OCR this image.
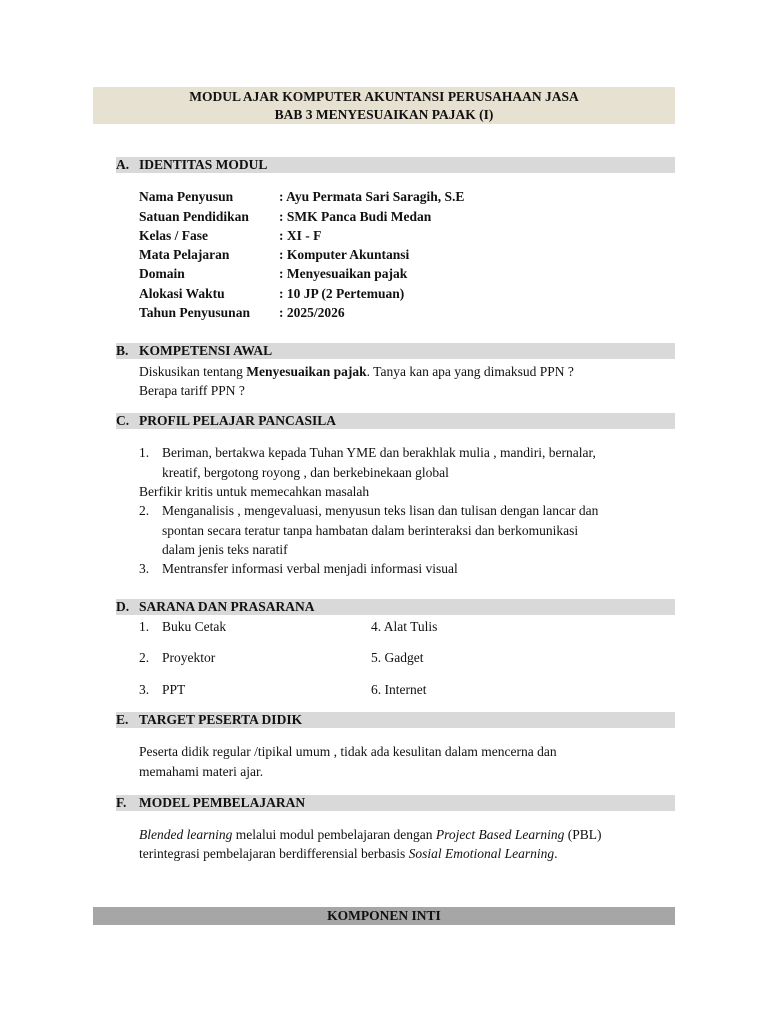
MODUL AJAR KOMPUTER AKUNTANSI PERUSAHAAN JASA
BAB 3 MENYESUAIKAN PAJAK (I)
A. IDENTITAS MODUL
Nama Penyusun	: Ayu Permata Sari Saragih, S.E
Satuan Pendidikan : SMK Panca Budi Medan
Kelas / Fase	: XI - F
Mata Pelajaran	: Komputer Akuntansi
Domain	: Menyesuaikan pajak
Alokasi Waktu	: 10 JP (2 Pertemuan)
Tahun Penyusunan : 2025/2026
B. KOMPETENSI AWAL
Diskusikan tentang Menyesuaikan pajak. Tanya kan apa yang dimaksud PPN ?
Berapa tariff PPN ?
C. PROFIL PELAJAR PANCASILA
1. Beriman, bertakwa kepada Tuhan YME dan berakhlak mulia , mandiri, bernalar,
kreatif, bergotong royong , dan berkebinekaan global
Berfikir kritis untuk memecahkan masalah
2. Menganalisis , mengevaluasi, menyusun teks lisan dan tulisan dengan lancar dan
spontan secara teratur tanpa hambatan dalam berinteraksi dan berkomunikasi
dalam jenis teks naratif
3. Mentransfer informasi verbal menjadi informasi visual
D. SARANA DAN PRASARANA
1. Buku Cetak	4. Alat Tulis
2. Proyektor	5. Gadget
3. PPT	6. Internet
E. TARGET PESERTA DIDIK
Peserta didik regular /tipikal umum , tidak ada kesulitan dalam mencerna dan
memahami materi ajar.
F. MODEL PEMBELAJARAN
Blended learning melalui modul pembelajaran dengan Project Based Learning (PBL)
terintegrasi pembelajaran berdifferensial berbasis Sosial Emotional Learning.
KOMPONEN INTI
